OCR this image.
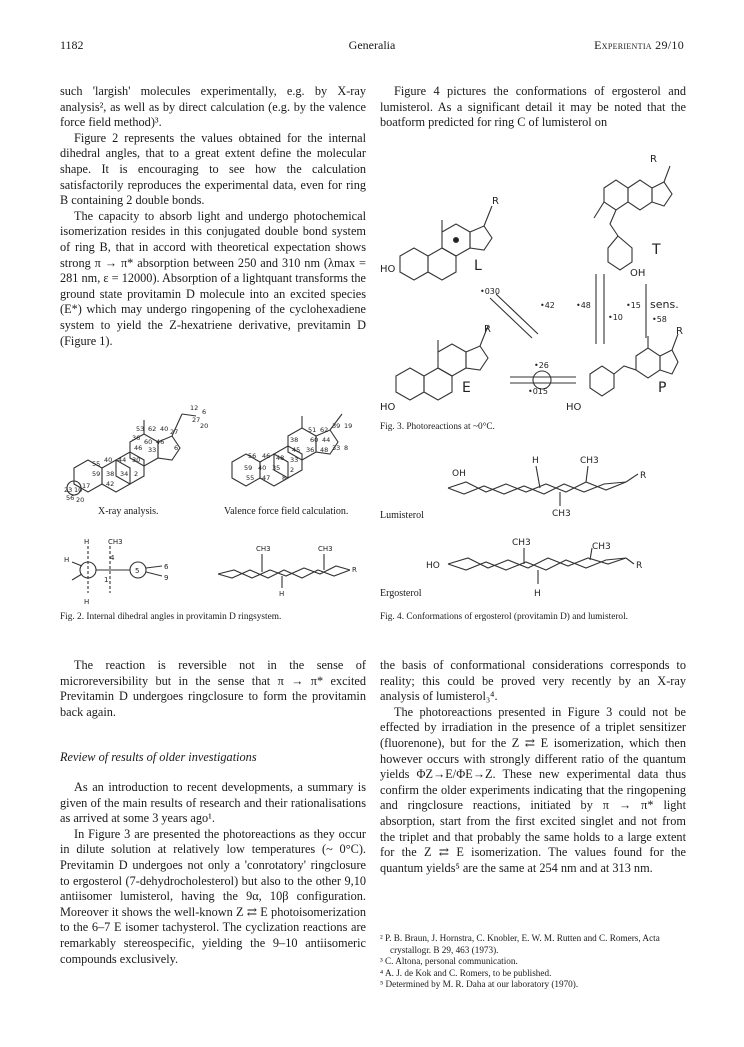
1182	Generalia	Experientia 29/10

such 'largish' molecules experimentally, e.g. by X-ray analysis², as well as by direct calculation (e.g. by the valence force field method)³.

Figure 2 represents the values obtained for the internal dihedral angles, that to a great extent define the molecular shape. It is encouraging to see how the calculation satisfactorily reproduces the experimental data, even for ring B containing 2 double bonds.

The capacity to absorb light and undergo photochemical isomerization resides in this conjugated double bond system of ring B, that in accord with theoretical expectation shows strong π → π* absorption between 250 and 310 nm (λmax = 281 nm, ε = 12000). Absorption of a lightquant transforms the ground state provitamin D molecule into an excited species (E*) which may undergo ringopening of the cyclohexadiene system to yield the Z-hexatriene derivative, previtamin D (Figure 1).

Figure 4 pictures the conformations of ergosterol and lumisterol. As a significant detail it may be noted that the boatform predicted for ring C of lumisterol on

12 6
27
20
53 62 40
36 60 46
27
46 33	6
55 40 44 30
59 38 34 2
42
23 10 17
56 20
X-ray analysis.
51 62 39 19
38 60 44
45 36 48 33 8
56 46 48 33
59 40 35 2
55 47 8
Valence force field calculation.
H	CH3
H	4
1
5	6
9
H
CH3	CH3
R
H
Fig. 2. Internal dihedral angles in provitamin D ringsystem.
R
R
T
L
HO	OH
R	R
E	P
HO	HO
•030
•42	•48
•10
•15
•58
•26
•015
sens.
Fig. 3. Photoreactions at ~0°C.
OH
H	CH3
R
CH3
Lumisterol
CH3	CH3
HO	R
H
Ergosterol
Fig. 4. Conformations of ergosterol (provitamin D) and lumisterol.

The reaction is reversible not in the sense of microreversibility but in the sense that π → π* excited Previtamin D undergoes ringclosure to form the provitamin back again.

Review of results of older investigations

As an introduction to recent developments, a summary is given of the main results of research and their rationalisations as arrived at some 3 years ago¹.

In Figure 3 are presented the photoreactions as they occur in dilute solution at relatively low temperatures (~ 0°C). Previtamin D undergoes not only a 'conrotatory' ringclosure to ergosterol (7-dehydrocholesterol) but also to the other 9,10 antiisomer lumisterol, having the 9α, 10β configuration. Moreover it shows the well-known Z ⇄ E photoisomerization to the 6–7 E isomer tachysterol. The cyclization reactions are remarkably stereospecific, yielding the 9–10 antiisomeric compounds exclusively.

the basis of conformational considerations corresponds to reality; this could be proved very recently by an X-ray analysis of lumisterol₃⁴.

The photoreactions presented in Figure 3 could not be effected by irradiation in the presence of a triplet sensitizer (fluorenone), but for the Z ⇄ E isomerization, which then however occurs with strongly different ratio of the quantum yields ΦZ→E/ΦE→Z. These new experimental data thus confirm the older experiments indicating that the ringopening and ringclosure reactions, initiated by π → π* light absorption, start from the first excited singlet and not from the triplet and that probably the same holds to a large extent for the Z ⇄ E isomerization. The values found for the quantum yields⁵ are the same at 254 nm and at 313 nm.

² P. B. Braun, J. Hornstra, C. Knobler, E. W. M. Rutten and C. Romers, Acta crystallogr. B 29, 463 (1973).

³ C. Altona, personal communication.

⁴ A. J. de Kok and C. Romers, to be published.

⁵ Determined by M. R. Daha at our laboratory (1970).
